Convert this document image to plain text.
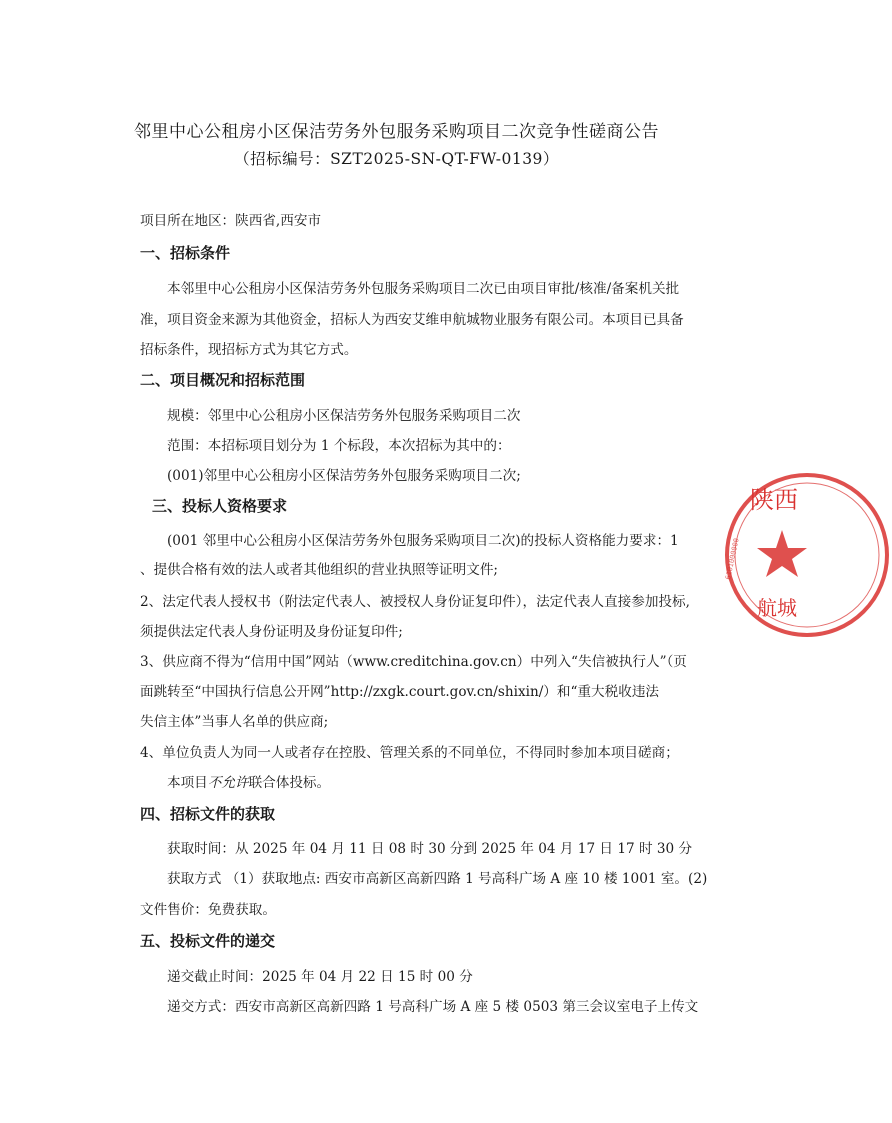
邻里中心公租房小区保洁劳务外包服务采购项目二次竞争性磋商公告
（招标编号：SZT2025-SN-QT-FW-0139）
项目所在地区：陕西省,西安市
一、招标条件
本邻里中心公租房小区保洁劳务外包服务采购项目二次已由项目审批/核准/备案机关批
准，项目资金来源为其他资金，招标人为西安艾维申航城物业服务有限公司。本项目已具备
招标条件，现招标方式为其它方式。
二、项目概况和招标范围
规模：邻里中心公租房小区保洁劳务外包服务采购项目二次
范围：本招标项目划分为 1 个标段，本次招标为其中的：
(001)邻里中心公租房小区保洁劳务外包服务采购项目二次;
三、投标人资格要求
(001 邻里中心公租房小区保洁劳务外包服务采购项目二次)的投标人资格能力要求：1
、提供合格有效的法人或者其他组织的营业执照等证明文件;
2、法定代表人授权书（附法定代表人、被授权人身份证复印件），法定代表人直接参加投标,
须提供法定代表人身份证明及身份证复印件;
3、供应商不得为“信用中国”网站（www.creditchina.gov.cn）中列入“失信被执行人”（页
面跳转至“中国执行信息公开网”http://zxgk.court.gov.cn/shixin/）和“重大税收违法
失信主体”当事人名单的供应商;
4、单位负责人为同一人或者存在控股、管理关系的不同单位，不得同时参加本项目磋商；
本项目不允许联合体投标。
四、招标文件的获取
获取时间：从 2025 年 04 月 11 日 08 时 30 分到 2025 年 04 月 17 日 17 时 30 分
获取方式 （1）获取地点: 西安市高新区高新四路 1 号高科广场 A 座 10 楼 1001 室。(2)
文件售价：免费获取。
五、投标文件的递交
递交截止时间：2025 年 04 月 22 日 15 时 00 分
递交方式：西安市高新区高新四路 1 号高科广场 A 座 5 楼 0503 第三会议室电子上传文
陕西
航城
6101000000
